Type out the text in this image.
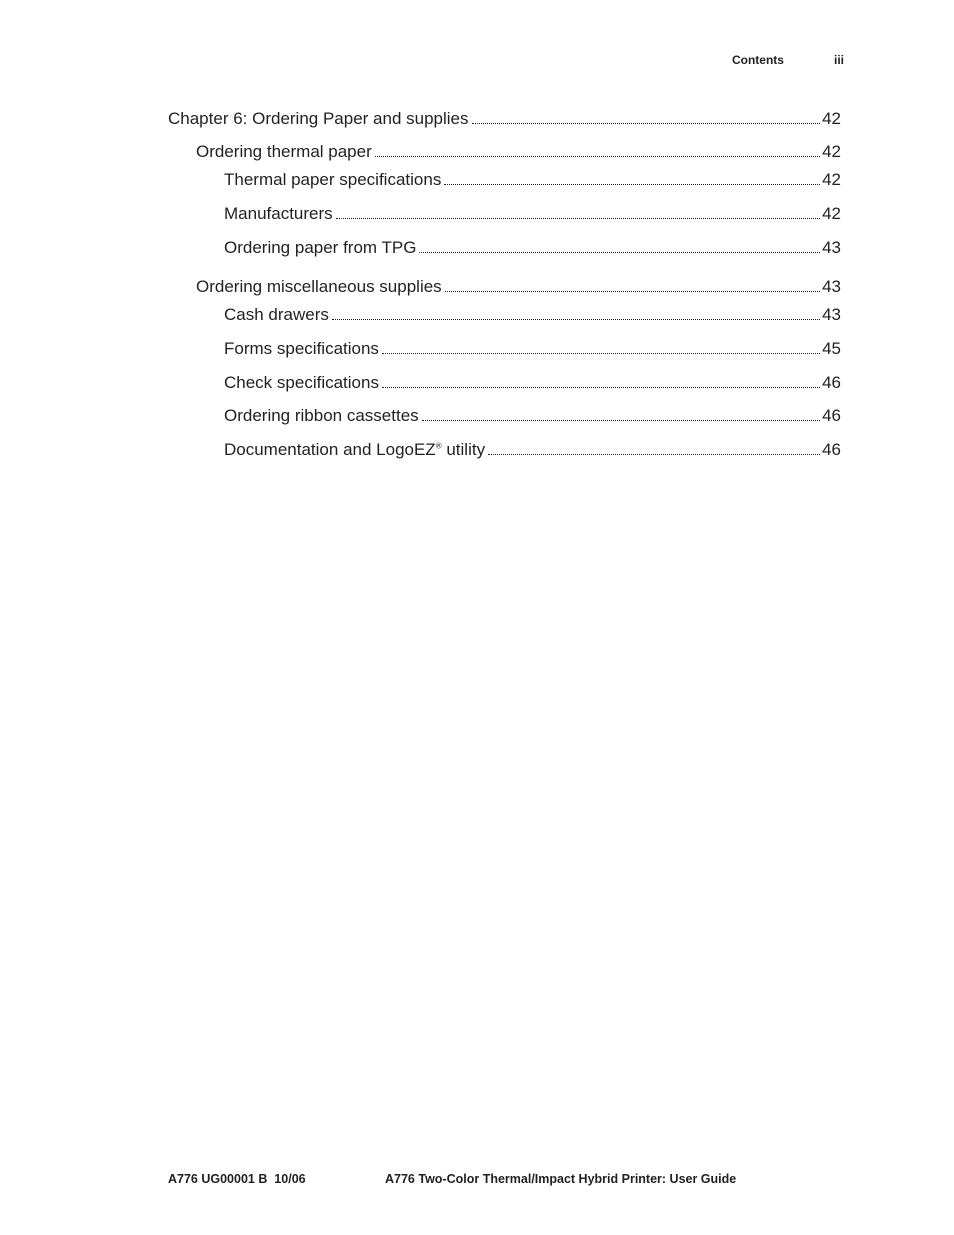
Contents	iii
Chapter 6: Ordering Paper and supplies	42
Ordering thermal paper	42
Thermal paper specifications	42
Manufacturers	42
Ordering paper from TPG	43
Ordering miscellaneous supplies	43
Cash drawers	43
Forms specifications	45
Check specifications	46
Ordering ribbon cassettes	46
Documentation and LogoEZ® utility	46
A776 UG00001 B  10/06	A776 Two-Color Thermal/Impact Hybrid Printer: User Guide
